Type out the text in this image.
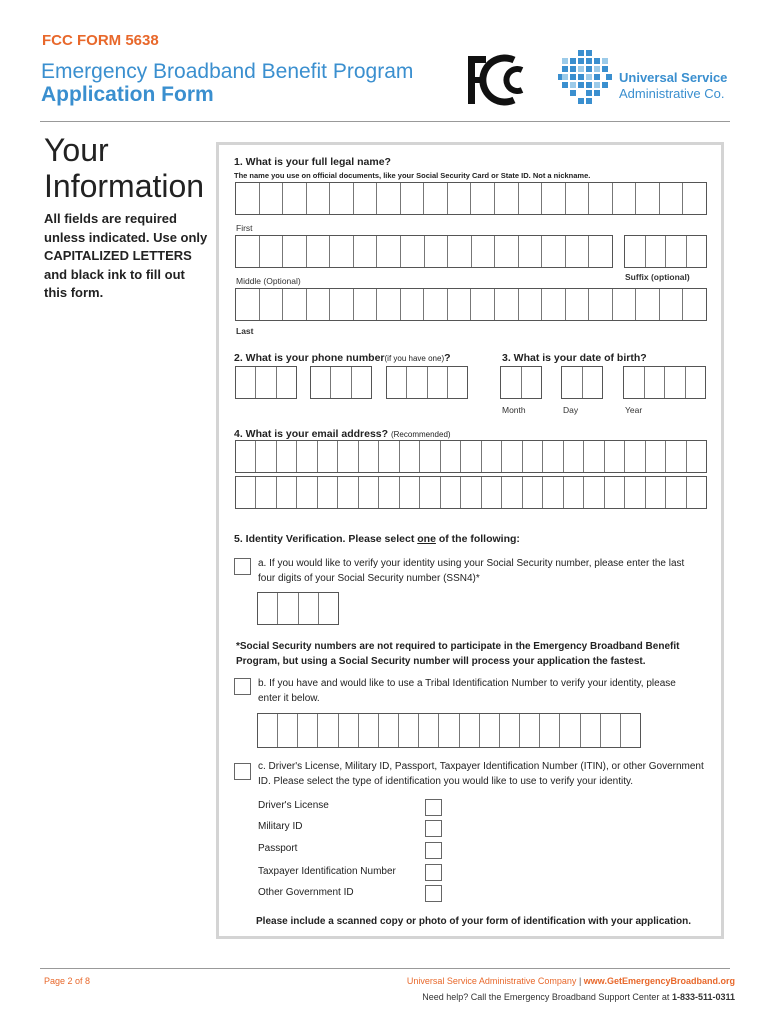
FCC FORM 5638
Emergency Broadband Benefit Program
Application Form
Universal Service
Administrative Co.
Your Information
All fields are required unless indicated. Use only CAPITALIZED LETTERS and black ink to fill out this form.
1. What is your full legal name?
The name you use on official documents, like your Social Security Card or State ID. Not a nickname.
First
Middle (Optional)	Suffix (optional)
Last
2. What is your phone number(if you have one)?	3. What is your date of birth?
Month	Day	Year
4. What is your email address? (Recommended)
5. Identity Verification. Please select one of the following:
a. If you would like to verify your identity using your Social Security number, please enter the last four digits of your Social Security number (SSN4)*
*Social Security numbers are not required to participate in the Emergency Broadband Benefit Program, but using a Social Security number will process your application the fastest.
b. If you have and would like to use a Tribal Identification Number to verify your identity, please enter it below.
c. Driver's License, Military ID, Passport, Taxpayer Identification Number (ITIN), or other Government ID. Please select the type of identification you would like to use to verify your identity.
Driver's License
Military ID
Passport
Taxpayer Identification Number
Other Government ID
Please include a scanned copy or photo of your form of identification with your application.
Page 2 of 8	Universal Service Administrative Company | www.GetEmergencyBroadband.org
Need help? Call the Emergency Broadband Support Center at 1-833-511-0311
